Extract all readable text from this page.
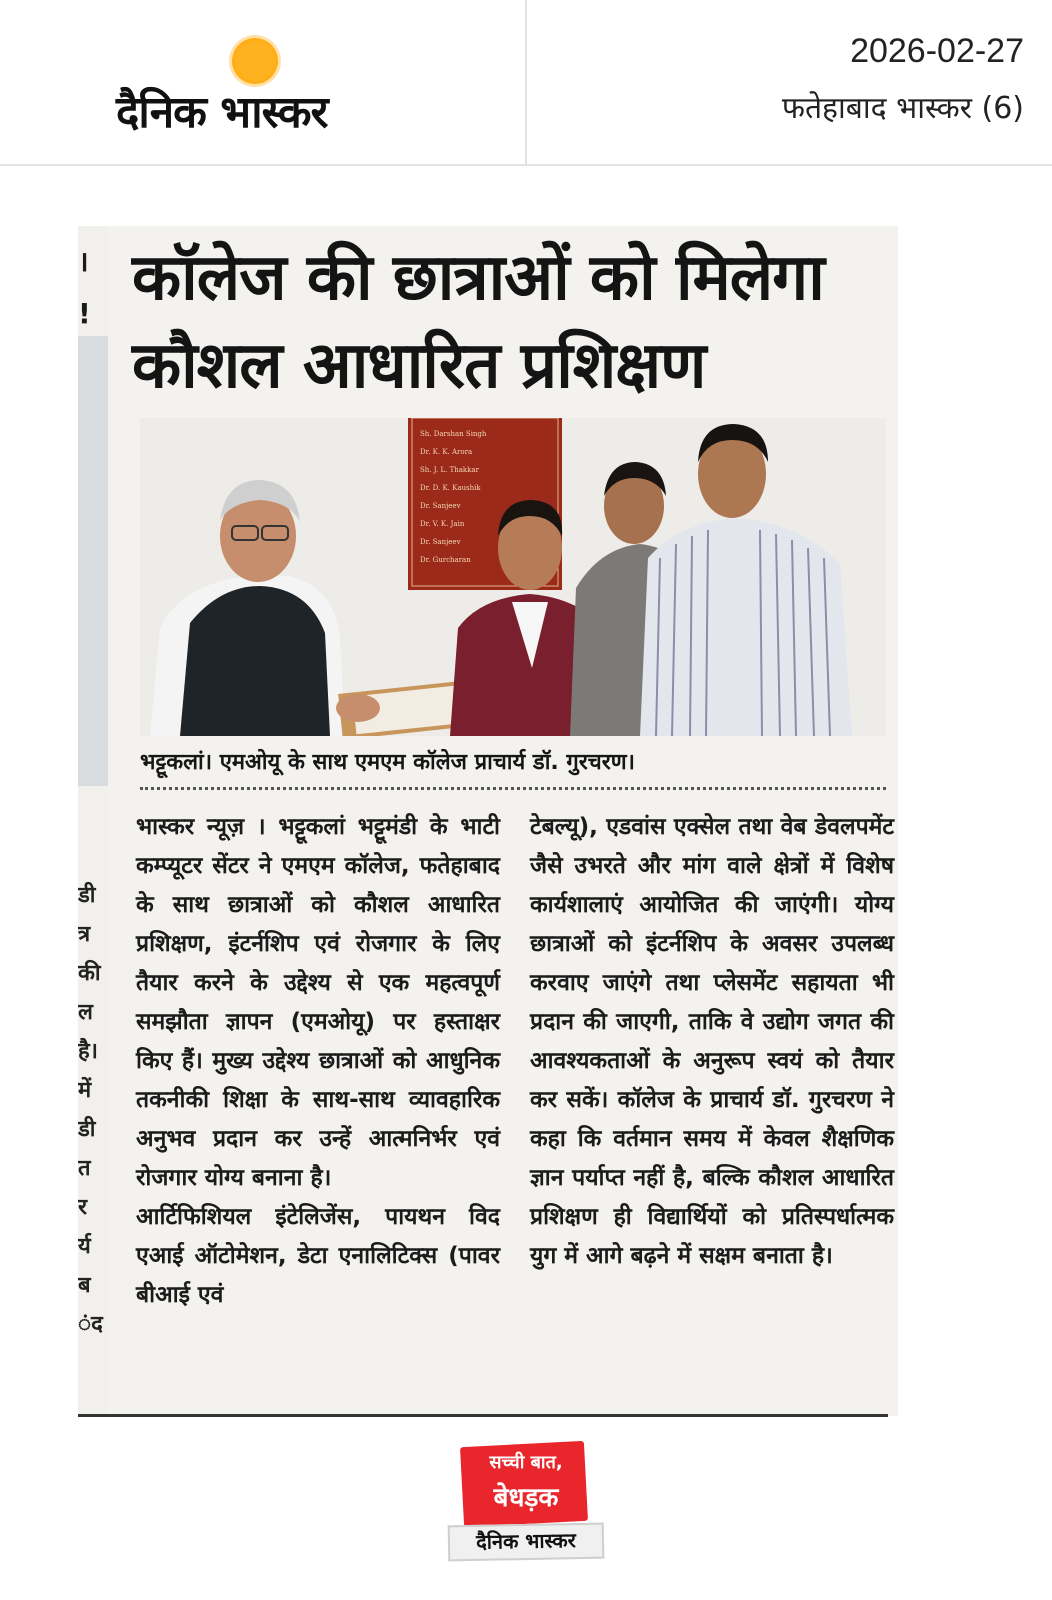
दैनिक भास्कर
2026-02-27
फतेहाबाद भास्कर (6)
।
!
डी
त्र
की
ल
है।
में
डी
त
र
र्य
ब
ंद
कॉलेज की छात्राओं को मिलेगा
कौशल आधारित प्रशिक्षण
Sh. Darshan Singh
Dr. K. K. Arora
Sh. J. L. Thakkar
Dr. D. K. Kaushik
Dr. Sanjeev
Dr. V. K. Jain
Dr. Sanjeev
Dr. Gurcharan
भट्टूकलां। एमओयू के साथ एमएम कॉलेज प्राचार्य डॉ. गुरचरण।

भास्कर न्यूज़ । भट्टूकलां भट्टूमंडी के भाटी कम्प्यूटर सेंटर ने एमएम कॉलेज, फतेहाबाद के साथ छात्राओं को कौशल आधारित प्रशिक्षण, इंटर्नशिप एवं रोजगार के लिए तैयार करने के उद्देश्य से एक महत्वपूर्ण समझौता ज्ञापन (एमओयू) पर हस्ताक्षर किए हैं। मुख्य उद्देश्य छात्राओं को आधुनिक तकनीकी शिक्षा के साथ-साथ व्यावहारिक अनुभव प्रदान कर उन्हें आत्मनिर्भर एवं रोजगार योग्य बनाना है।

आर्टिफिशियल इंटेलिजेंस, पायथन विद एआई ऑटोमेशन, डेटा एनालिटिक्स (पावर बीआई एवं

टेबल्यू), एडवांस एक्सेल तथा वेब डेवलपमेंट जैसे उभरते और मांग वाले क्षेत्रों में विशेष कार्यशालाएं आयोजित की जाएंगी। योग्य छात्राओं को इंटर्नशिप के अवसर उपलब्ध करवाए जाएंगे तथा प्लेसमेंट सहायता भी प्रदान की जाएगी, ताकि वे उद्योग जगत की आवश्यकताओं के अनुरूप स्वयं को तैयार कर सकें। कॉलेज के प्राचार्य डॉ. गुरचरण ने कहा कि वर्तमान समय में केवल शैक्षणिक ज्ञान पर्याप्त नहीं है, बल्कि कौशल आधारित प्रशिक्षण ही विद्यार्थियों को प्रतिस्पर्धात्मक युग में आगे बढ़ने में सक्षम बनाता है।

सच्ची बात,
बेधड़क
दैनिक भास्कर
